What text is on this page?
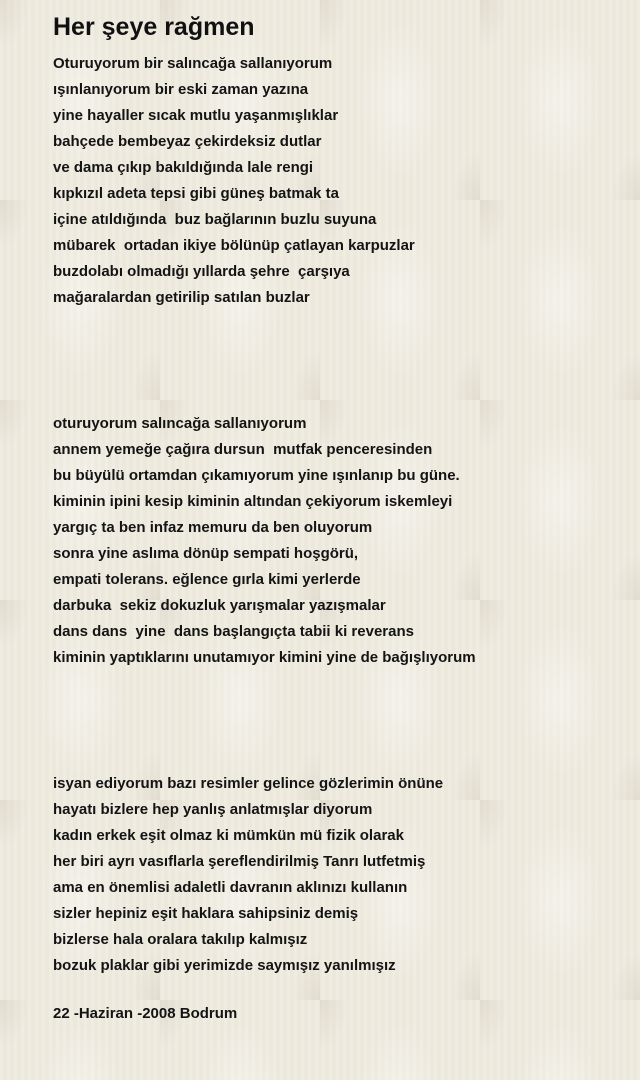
Her şeye rağmen
Oturuyorum bir salıncağa sallanıyorum
ışınlanıyorum bir eski zaman yazına
yine hayaller sıcak mutlu yaşanmışlıklar
bahçede bembeyaz çekirdeksiz dutlar
ve dama çıkıp bakıldığında lale rengi
kıpkızıl adeta tepsi gibi güneş batmak ta
içine atıldığında  buz bağlarının buzlu suyuna
mübarek  ortadan ikiye bölünüp çatlayan karpuzlar
buzdolabı olmadığı yıllarda şehre  çarşıya
mağaralardan getirilip satılan buzlar
oturuyorum salıncağa sallanıyorum
annem yemeğe çağıra dursun  mutfak penceresinden
bu büyülü ortamdan çıkamıyorum yine ışınlanıp bu güne.
kiminin ipini kesip kiminin altından çekiyorum iskemleyi
yargıç ta ben infaz memuru da ben oluyorum
sonra yine aslıma dönüp sempati hoşgörü,
empati tolerans. eğlence gırla kimi yerlerde
darbuka  sekiz dokuzluk yarışmalar yazışmalar
dans dans  yine  dans başlangıçta tabii ki reverans
kiminin yaptıklarını unutamıyor kimini yine de bağışlıyorum
isyan ediyorum bazı resimler gelince gözlerimin önüne
hayatı bizlere hep yanlış anlatmışlar diyorum
kadın erkek eşit olmaz ki mümkün mü fizik olarak
her biri ayrı vasıflarla şereflendirilmiş Tanrı lutfetmiş
ama en önemlisi adaletli davranın aklınızı kullanın
sizler hepiniz eşit haklara sahipsiniz demiş
bizlerse hala oralara takılıp kalmışız
bozuk plaklar gibi yerimizde saymışız yanılmışız
22 -Haziran -2008 Bodrum
